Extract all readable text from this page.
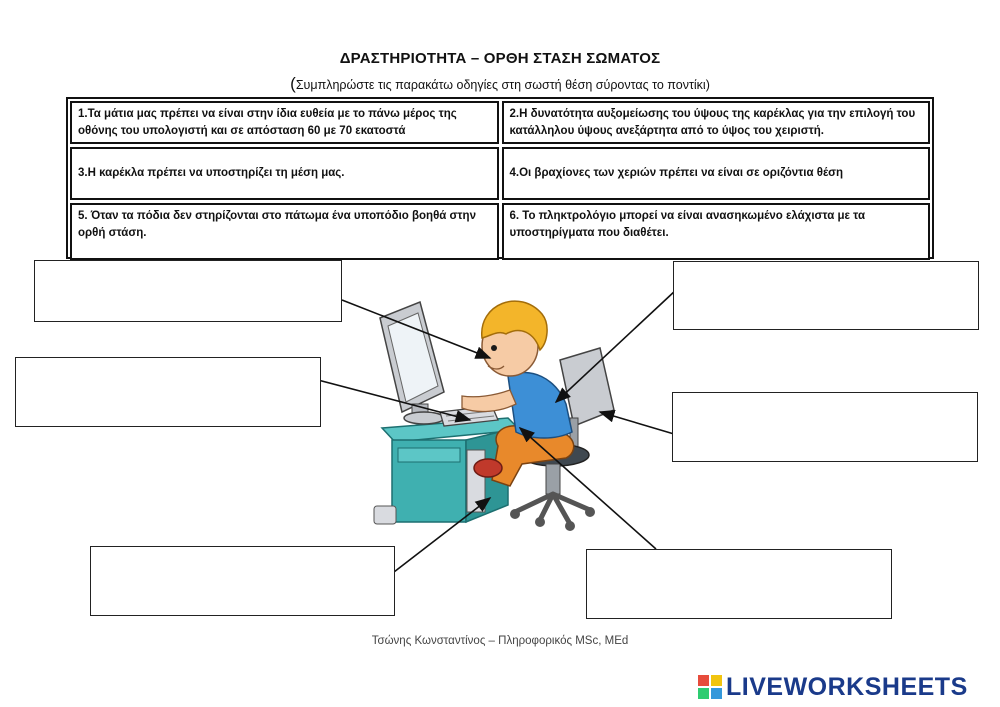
ΔΡΑΣΤΗΡΙΟΤΗΤΑ – ΟΡΘΗ ΣΤΑΣΗ ΣΩΜΑΤΟΣ
(Συμπληρώστε τις παρακάτω οδηγίες στη σωστή θέση σύροντας το ποντίκι)
1.Τα μάτια μας πρέπει να είναι στην ίδια ευθεία με το πάνω μέρος της οθόνης του υπολογιστή και σε απόσταση 60 με 70 εκατοστά
2.Η δυνατότητα αυξομείωσης του ύψους της καρέκλας για την επιλογή του κατάλληλου ύψους ανεξάρτητα από το ύψος του χειριστή.
3.Η καρέκλα πρέπει να υποστηρίζει τη μέση μας.	4.Οι βραχίονες των χεριών πρέπει να είναι σε οριζόντια θέση
5. Όταν τα πόδια δεν στηρίζονται στο πάτωμα ένα υποπόδιο βοηθά στην ορθή στάση.
6. Το πληκτρολόγιο μπορεί να είναι ανασηκωμένο ελάχιστα με τα υποστηρίγματα που διαθέτει.
Τσώνης Κωνσταντίνος – Πληροφορικός MSc, MEd
LIVEWORKSHEETS
